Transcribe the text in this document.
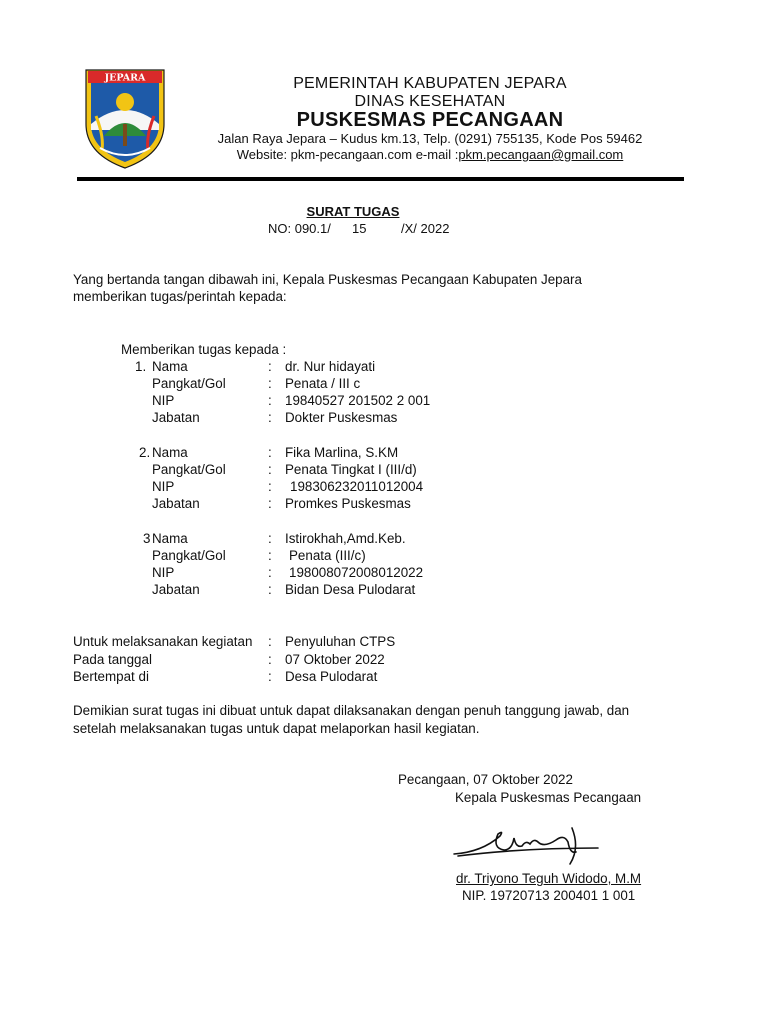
JEPARA	PEMERINTAH KABUPATEN JEPARA
DINAS KESEHATAN
PUSKESMAS PECANGAAN
Jalan Raya Jepara – Kudus km.13, Telp. (0291) 755135, Kode Pos 59462
Website: pkm-pecangaan.com e-mail :pkm.pecangaan@gmail.com
SURAT TUGAS
NO: 090.1/ 15	/X/ 2022
Yang bertanda tangan dibawah ini, Kepala Puskesmas Pecangaan Kabupaten Jepara
memberikan tugas/perintah kepada:
Memberikan tugas kepada :
1. Nama	: dr. Nur hidayati
Pangkat/Gol	: Penata / III c
NIP	: 19840527 201502 2 001
Jabatan	: Dokter Puskesmas
2. Nama	: Fika Marlina, S.KM
Pangkat/Gol	: Penata Tingkat I (III/d)
NIP	: 198306232011012004
Jabatan	: Promkes Puskesmas
3 Nama	: Istirokhah,Amd.Keb.
Pangkat/Gol	: Penata (III/c)
NIP	: 198008072008012022
Jabatan	: Bidan Desa Pulodarat
Untuk melaksanakan kegiatan : Penyuluhan CTPS
Pada tanggal	: 07 Oktober 2022
Bertempat di	: Desa Pulodarat
Demikian surat tugas ini dibuat untuk dapat dilaksanakan dengan penuh tanggung jawab, dan
setelah melaksanakan tugas untuk dapat melaporkan hasil kegiatan.
Pecangaan, 07 Oktober 2022
Kepala Puskesmas Pecangaan
dr. Triyono Teguh Widodo, M.M
NIP. 19720713 200401 1 001
